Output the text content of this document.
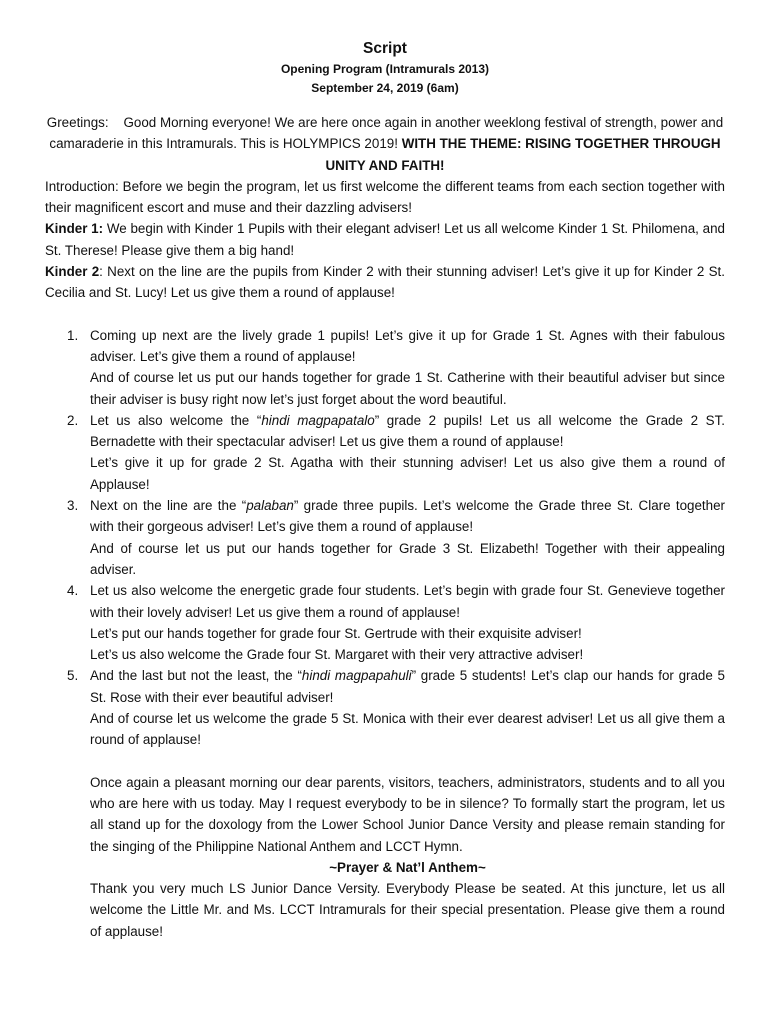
Script
Opening Program (Intramurals 2013)
September 24, 2019 (6am)
Greetings: Good Morning everyone! We are here once again in another weeklong festival of strength, power and camaraderie in this Intramurals. This is HOLYMPICS 2019! WITH THE THEME: RISING TOGETHER THROUGH UNITY AND FAITH!
Introduction: Before we begin the program, let us first welcome the different teams from each section together with their magnificent escort and muse and their dazzling advisers!
Kinder 1: We begin with Kinder 1 Pupils with their elegant adviser! Let us all welcome Kinder 1 St. Philomena, and St. Therese! Please give them a big hand!
Kinder 2: Next on the line are the pupils from Kinder 2 with their stunning adviser! Let’s give it up for Kinder 2 St. Cecilia and St. Lucy! Let us give them a round of applause!
1. Coming up next are the lively grade 1 pupils! Let’s give it up for Grade 1 St. Agnes with their fabulous adviser. Let’s give them a round of applause!
And of course let us put our hands together for grade 1 St. Catherine with their beautiful adviser but since their adviser is busy right now let’s just forget about the word beautiful.
2. Let us also welcome the “hindi magpapatalo” grade 2 pupils! Let us all welcome the Grade 2 ST. Bernadette with their spectacular adviser! Let us give them a round of applause!
Let’s give it up for grade 2 St. Agatha with their stunning adviser! Let us also give them a round of Applause!
3. Next on the line are the “palaban” grade three pupils. Let’s welcome the Grade three St. Clare together with their gorgeous adviser! Let’s give them a round of applause!
And of course let us put our hands together for Grade 3 St. Elizabeth! Together with their appealing adviser.
4. Let us also welcome the energetic grade four students. Let’s begin with grade four St. Genevieve together with their lovely adviser! Let us give them a round of applause!
Let’s put our hands together for grade four St. Gertrude with their exquisite adviser!
Let’s us also welcome the Grade four St. Margaret with their very attractive adviser!
5. And the last but not the least, the “hindi magpapahuli” grade 5 students! Let’s clap our hands for grade 5 St. Rose with their ever beautiful adviser!
And of course let us welcome the grade 5 St. Monica with their ever dearest adviser! Let us all give them a round of applause!
Once again a pleasant morning our dear parents, visitors, teachers, administrators, students and to all you who are here with us today. May I request everybody to be in silence? To formally start the program, let us all stand up for the doxology from the Lower School Junior Dance Versity and please remain standing for the singing of the Philippine National Anthem and LCCT Hymn.
~Prayer & Nat’l Anthem~
Thank you very much LS Junior Dance Versity. Everybody Please be seated. At this juncture, let us all welcome the Little Mr. and Ms. LCCT Intramurals for their special presentation. Please give them a round of applause!
